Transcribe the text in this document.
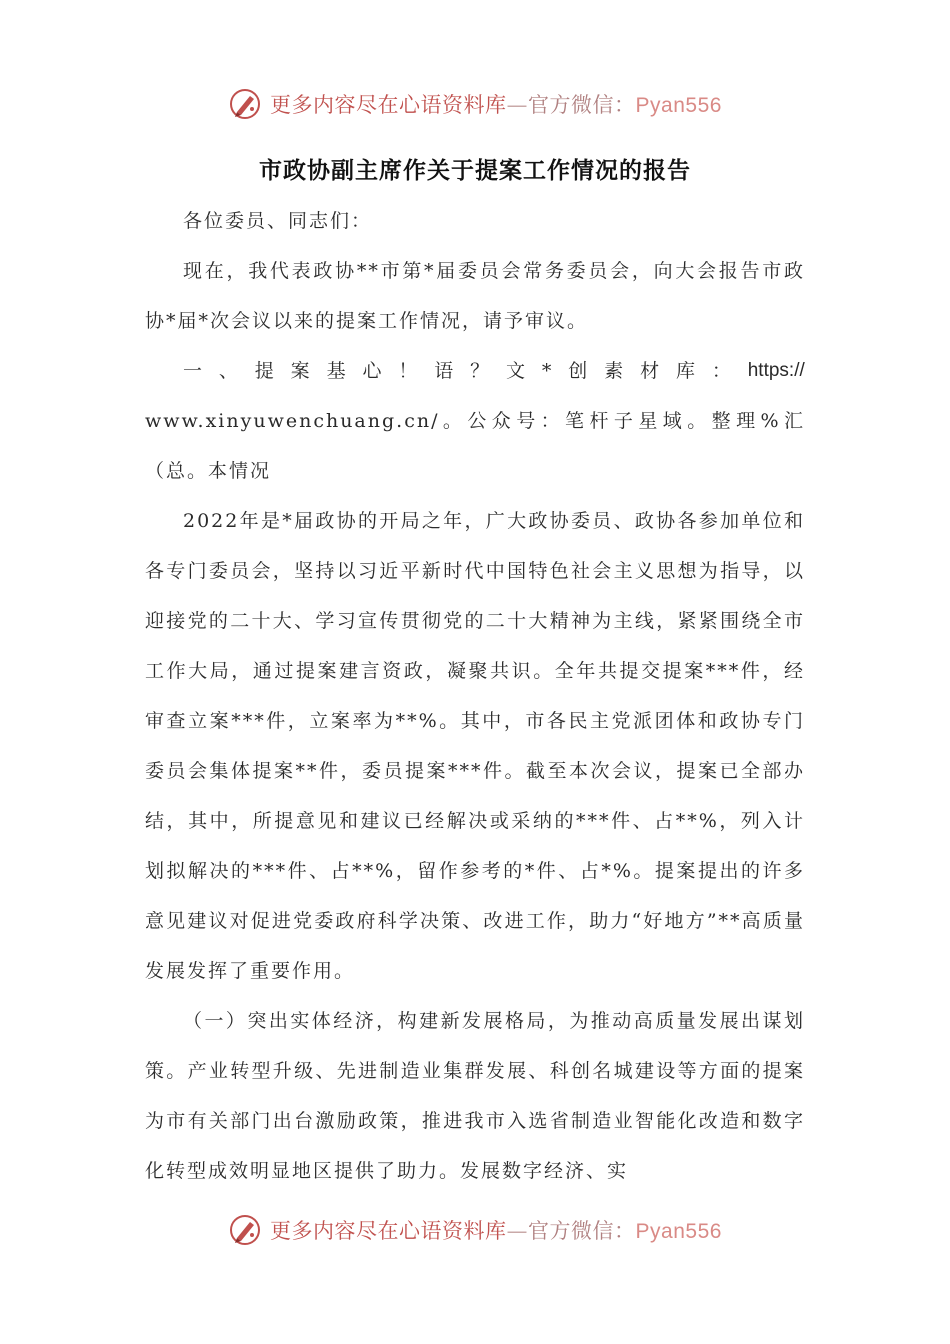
更多内容尽在心语资料库—官方微信：Pyan556
市政协副主席作关于提案工作情况的报告

各位委员、同志们：

现在，我代表政协**市第*届委员会常务委员会，向大会报告市政协*届*次会议以来的提案工作情况，请予审议。

一 、 提 案 基 心 ！ 语 ？ 文 * 创 素 材 库 ： https://

www.xinyuwenchuang.cn/。公众号：笔杆子星域。整理%汇（总。本情况

2022年是*届政协的开局之年，广大政协委员、政协各参加单位和各专门委员会，坚持以习近平新时代中国特色社会主义思想为指导，以迎接党的二十大、学习宣传贯彻党的二十大精神为主线，紧紧围绕全市工作大局，通过提案建言资政，凝聚共识。全年共提交提案***件，经审查立案***件，立案率为**%。其中，市各民主党派团体和政协专门委员会集体提案**件，委员提案***件。截至本次会议，提案已全部办结，其中，所提意见和建议已经解决或采纳的***件、占**%，列入计划拟解决的***件、占**%，留作参考的*件、占*%。提案提出的许多意见建议对促进党委政府科学决策、改进工作，助力“好地方”**高质量发展发挥了重要作用。

（一）突出实体经济，构建新发展格局，为推动高质量发展出谋划策。产业转型升级、先进制造业集群发展、科创名城建设等方面的提案为市有关部门出台激励政策，推进我市入选省制造业智能化改造和数字化转型成效明显地区提供了助力。发展数字经济、实

更多内容尽在心语资料库—官方微信：Pyan556
